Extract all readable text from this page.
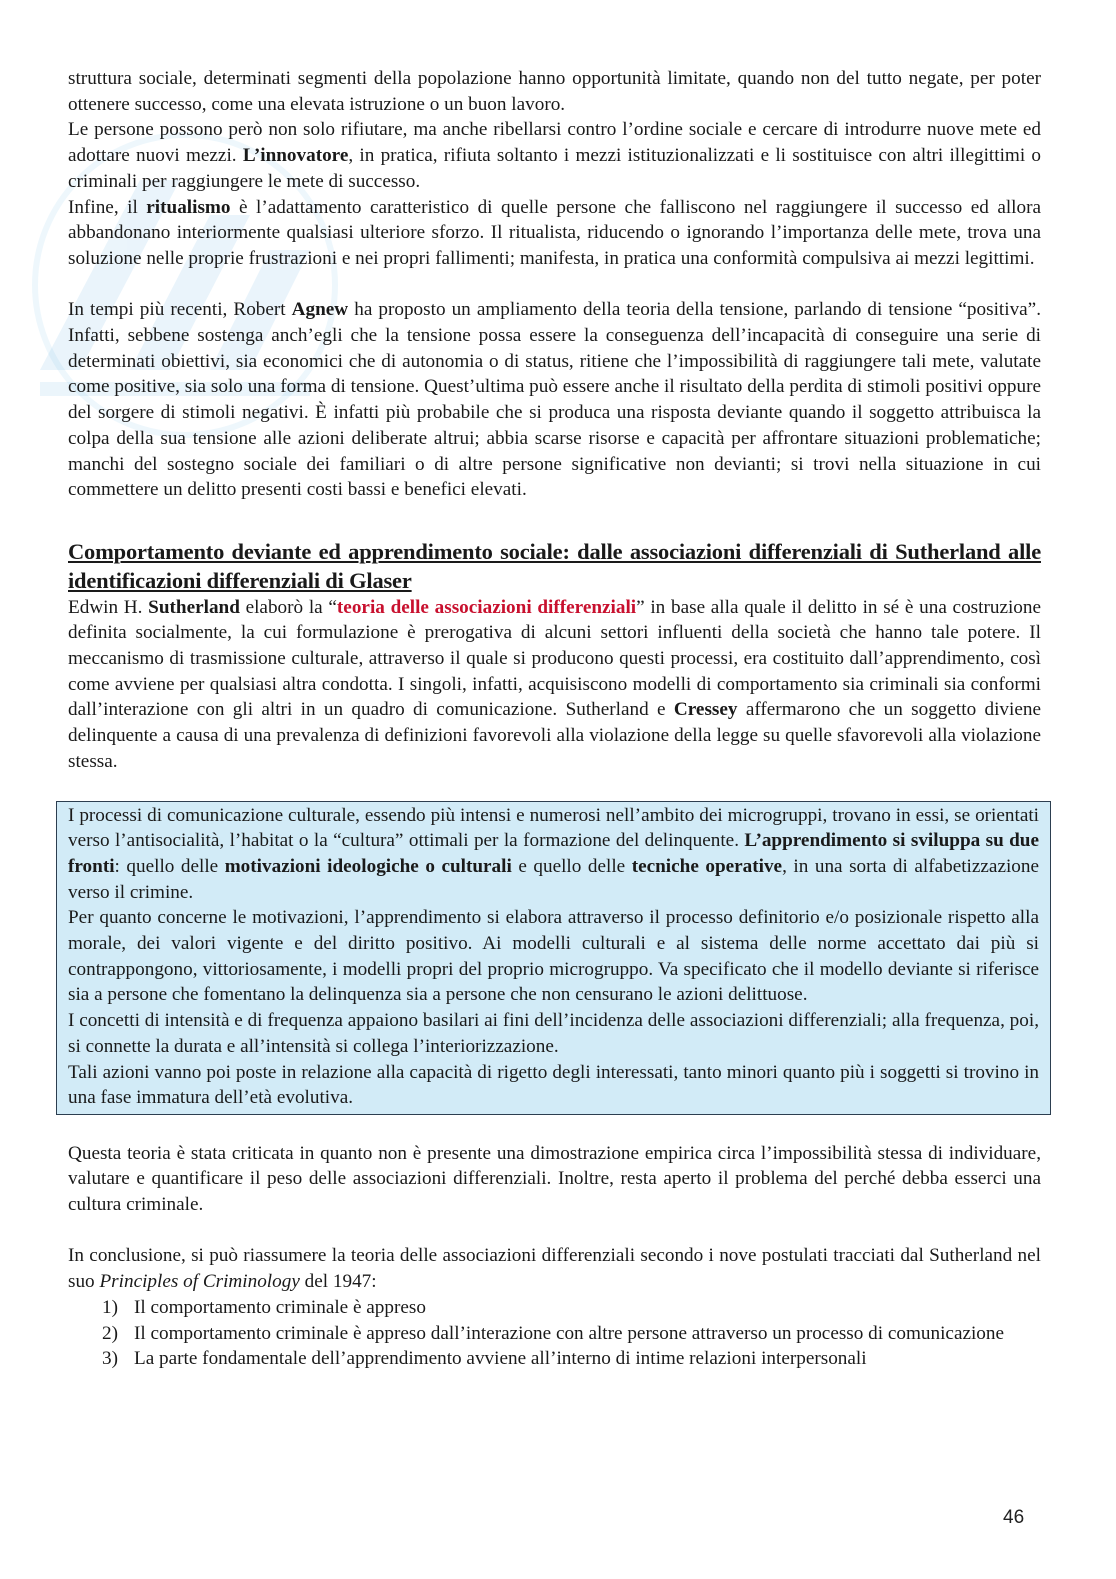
struttura sociale, determinati segmenti della popolazione hanno opportunità limitate, quando non del tutto negate, per poter ottenere successo, come una elevata istruzione o un buon lavoro.

Le persone possono però non solo rifiutare, ma anche ribellarsi contro l’ordine sociale e cercare di introdurre nuove mete ed adottare nuovi mezzi. L’innovatore, in pratica, rifiuta soltanto i mezzi istituzionalizzati e li sostituisce con altri illegittimi o criminali per raggiungere le mete di successo.

Infine, il ritualismo è l’adattamento caratteristico di quelle persone che falliscono nel raggiungere il successo ed allora abbandonano interiormente qualsiasi ulteriore sforzo. Il ritualista, riducendo o ignorando l’importanza delle mete, trova una soluzione nelle proprie frustrazioni e nei propri fallimenti; manifesta, in pratica una conformità compulsiva ai mezzi legittimi.

In tempi più recenti, Robert Agnew ha proposto un ampliamento della teoria della tensione, parlando di tensione “positiva”. Infatti, sebbene sostenga anch’egli che la tensione possa essere la conseguenza dell’incapacità di conseguire una serie di determinati obiettivi, sia economici che di autonomia o di status, ritiene che l’impossibilità di raggiungere tali mete, valutate come positive, sia solo una forma di tensione. Quest’ultima può essere anche il risultato della perdita di stimoli positivi oppure del sorgere di stimoli negativi. È infatti più probabile che si produca una risposta deviante quando il soggetto attribuisca la colpa della sua tensione alle azioni deliberate altrui; abbia scarse risorse e capacità per affrontare situazioni problematiche; manchi del sostegno sociale dei familiari o di altre persone significative non devianti; si trovi nella situazione in cui commettere un delitto presenti costi bassi e benefici elevati.

Comportamento deviante ed apprendimento sociale: dalle associazioni differenziali di Sutherland alle identificazioni differenziali di Glaser

Edwin H. Sutherland elaborò la “teoria delle associazioni differenziali” in base alla quale il delitto in sé è una costruzione definita socialmente, la cui formulazione è prerogativa di alcuni settori influenti della società che hanno tale potere. Il meccanismo di trasmissione culturale, attraverso il quale si producono questi processi, era costituito dall’apprendimento, così come avviene per qualsiasi altra condotta. I singoli, infatti, acquisiscono modelli di comportamento sia criminali sia conformi dall’interazione con gli altri in un quadro di comunicazione. Sutherland e Cressey affermarono che un soggetto diviene delinquente a causa di una prevalenza di definizioni favorevoli alla violazione della legge su quelle sfavorevoli alla violazione stessa.

I processi di comunicazione culturale, essendo più intensi e numerosi nell’ambito dei microgruppi, trovano in essi, se orientati verso l’antisocialità, l’habitat o la “cultura” ottimali per la formazione del delinquente. L’apprendimento si sviluppa su due fronti: quello delle motivazioni ideologiche o culturali e quello delle tecniche operative, in una sorta di alfabetizzazione verso il crimine.

Per quanto concerne le motivazioni, l’apprendimento si elabora attraverso il processo definitorio e/o posizionale rispetto alla morale, dei valori vigente e del diritto positivo. Ai modelli culturali e al sistema delle norme accettato dai più si contrappongono, vittoriosamente, i modelli propri del proprio microgruppo. Va specificato che il modello deviante si riferisce sia a persone che fomentano la delinquenza sia a persone che non censurano le azioni delittuose.

I concetti di intensità e di frequenza appaiono basilari ai fini dell’incidenza delle associazioni differenziali; alla frequenza, poi, si connette la durata e all’intensità si collega l’interiorizzazione.

Tali azioni vanno poi poste in relazione alla capacità di rigetto degli interessati, tanto minori quanto più i soggetti si trovino in una fase immatura dell’età evolutiva.

Questa teoria è stata criticata in quanto non è presente una dimostrazione empirica circa l’impossibilità stessa di individuare, valutare e quantificare il peso delle associazioni differenziali. Inoltre, resta aperto il problema del perché debba esserci una cultura criminale.

In conclusione, si può riassumere la teoria delle associazioni differenziali secondo i nove postulati tracciati dal Sutherland nel suo Principles of Criminology del 1947:

1) Il comportamento criminale è appreso
2) Il comportamento criminale è appreso dall’interazione con altre persone attraverso un processo di comunicazione
3) La parte fondamentale dell’apprendimento avviene all’interno di intime relazioni interpersonali
46
